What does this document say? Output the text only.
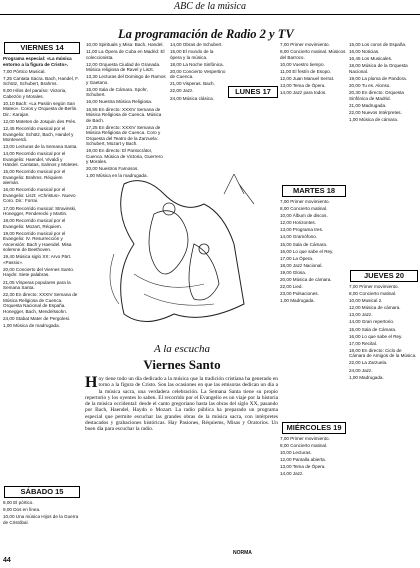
ABC de la música
La programación de Radio 2 y TV
VIERNES 14

Programa especial: «La música entorno a la figura de Cristo».

7,00 Pórtico Musical.

7,25 Cantata Sacra. Bach, Handel, F. Schütz, Schubert, Brahms.

9,00 Hilos del paraíso: Victoria, Cabezón y Morales.

10,10 Bach: «La Pasión según San Mateo». Coros y Orquesta de Berlin. Dir.: Karajan.

12,00 Motetes de Josquin des Prés.

12,45 Recorrido musical por el Evangelio: Schütz, Bach, Handel y Monteverdi.

13,00 Lecturas de la Semana Santa.

14,00 Recorrido musical por el Evangelio: Haendel, Vivaldi y Händel. Cantatas, Salmos y Motetes.

15,00 Recorrido musical por el Evangelio: Brahms. Réquiem alemán.

16,00 Recorrido musical por el Evangelio: Liszt: «Christus». Nuevo Coro. Dir.: Forrai.

17,00 Recorrido musical: Stravinski, Honegger, Penderecki y Martin.

18,00 Recorrido musical por el Evangelio: Mozart, Réquiem.

19,00 Recorrido musical por el Evangelio: IV. Resurrección y Ascensión: Bach y Haendel. Misa solemne de Beethoven.

19,40 Música siglo XX: Arvo Pärt. «Passio».

20,00 Concierto del Viernes Santo. Haydn: Siete palabras.

21,05 Vísperas populares para la Semana Santa.

22,30 En directo: XXXIV Semana de Música Religiosa de Cuenca. Orquesta Nacional de España. Honegger, Bach, Mendelssohn.

24,00 Stabat Mater de Pergolesi.

1,00 Música de madrugada.

SÁBADO 15

8,00 El pórtico.

9,00 Dos en línea.

10,00 Una música Hijos de la Guerra de Cristóbal.

10,00 Spirituals y Misa: Bach, Handel.

11,00 La Ópera de Cuba en Madrid: El coleccionista.

12,00 Orquesta Ciudad de Granada. Música religiosa de Ravel y Liszt.

13,30 Lecturas del Domingo de Ramos y Gaetano.

15,00 Sala de Cámara. Spohr, Schubert.

16,00 Nuestra Música Religiosa.

16,55 En directo: XXXIV Semana de Música Religiosa de Cuenca. Música de Bach.

17,25 En directo: XXXIV Semana de Música Religiosa de Cuenca. Coro y Orquesta del Teatro de la Zarzuela: Schubert, Mozart y Bach.

19,00 En directo: El Pantocrátor, Cuenca. Música de Victoria, Guerrero y Morales.

20,00 Nuestros Famosos.

1,00 Música en la madrugada.

14,00 Obras de Schubert.

15,00 El mundo de la ópera y la música.

18,00 La Noche Sinfónica.

20,00 Concierto Vespertino de Cuenca.

21,00 Visperas. Bach.

22,00 Jazz.

24,00 Música clásica.

LUNES 17
A la escucha
Viernes Santo
Hoy tiene todo un día dedicado a la música que la tradición cristiana ha generado en torno a la figura de Cristo. Son las ocasiones en que las emisoras dedican un día a la música sacra, una verdadera celebración. La Semana Santa tiene su propio repertorio y los oyentes lo saben. El recorrido por el Evangelio es un viaje por la historia de la música occidental: desde el canto gregoriano hasta las obras del siglo XX, pasando por Bach, Haendel, Haydn o Mozart. La radio pública ha preparado un programa especial que permite escuchar las grandes obras de la música sacra, con intérpretes destacados y grabaciones históricas. Hay Pasiones, Réquiems, Misas y Oratorios. Un buen día para escuchar la radio.
NORMA

7,00 Primer movimiento.

8,00 Concierto matinal. Músicos del Barroco.

10,00 Vuestro tiempo.

11,00 El festín de Esopo.

12,00 Juan Manuel Serrat.

13,00 Tema de Ópera.

14,00 Jazz para todos.

MARTES 18

7,00 Primer movimiento.

8,00 Concierto matinal.

10,00 Álbum de discos.

12,00 Horizontes.

13,00 Programa tres.

14,00 Gramófono.

15,00 Sala de Cámara.

16,00 Lo que sabe el Rey.

17,00 La Ópera.

18,00 Jazz Nacional.

19,00 Glosa.

20,00 Música de cámara.

22,00 Lied.

23,00 Pulsaciones.

1,00 Madrugada.

MIÉRCOLES 19

7,00 Primer movimiento.

8,00 Concierto matinal.

10,00 Lecturas.

12,00 Pantalla abierta.

13,00 Tema de Ópera.

14,00 Jazz.

15,00 Los coros de España.

16,00 Noticias.

16,45 Los Musicales.

18,00 Música de la Orquesta Nacional.

19,00 La pluma de Pandora.

20,00 Tu es. Alonso.

20,30 En directo: Orquesta Sinfónica de Madrid.

21,00 Madrugada.

22,00 Nuevos Intérpretes.

1,00 Música de cámara.

JUEVES 20

7,00 Primer movimiento.

8,00 Concierto matinal.

10,00 Musical 2.

12,00 Música de cámara.

13,00 Jazz.

14,00 Gran repertorio.

15,00 Sala de Cámara.

16,00 Lo que sabe el Rey.

17,00 Recital.

18,00 En directo: Ciclo de Cámara de Amigos de la Música.

22,00 La Zarzuela.

24,00 Jazz.

1,00 Madrugada.

44
